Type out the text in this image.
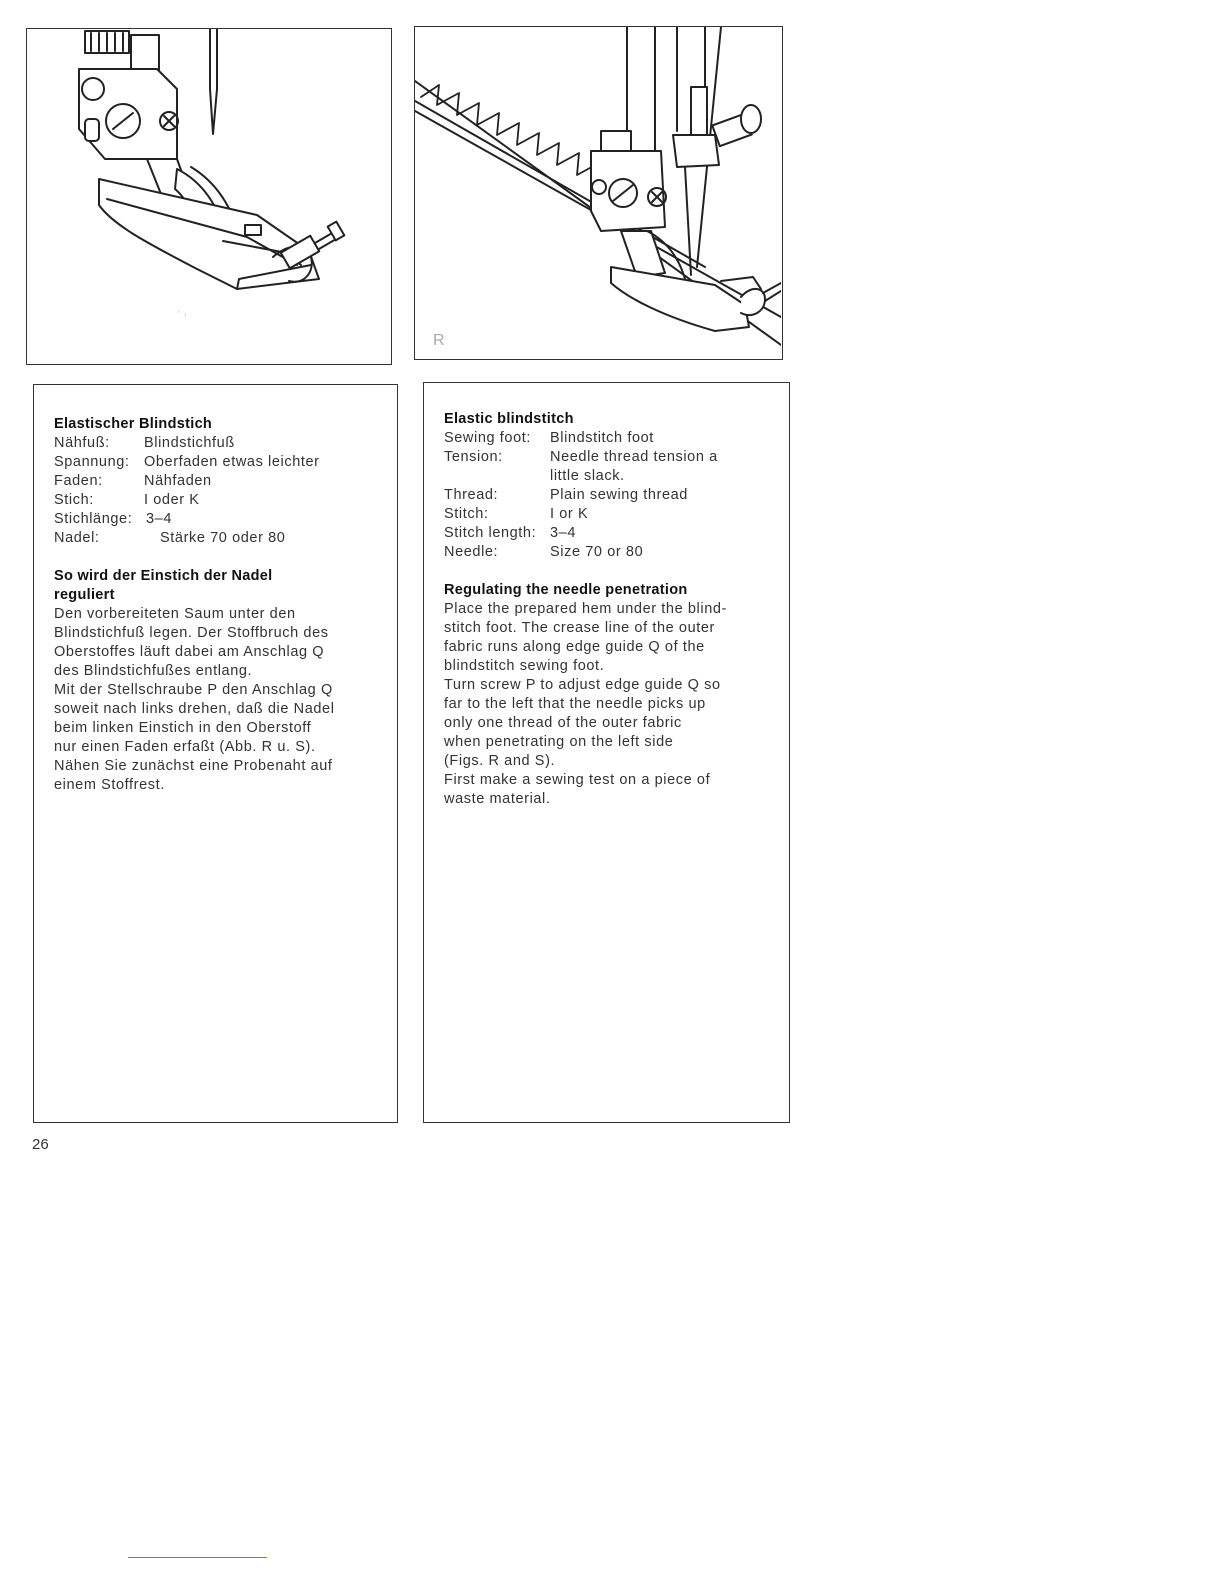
· ,
R
Elastischer Blindstich
Nähfuß:	Blindstichfuß
Spannung: Oberfaden etwas leichter
Faden:	Nähfaden
Stich:	I oder K
Stichlänge: 3–4
Nadel:	Stärke 70 oder 80
So wird der Einstich der Nadel
reguliert

Den vorbereiteten Saum unter den

Blindstichfuß legen. Der Stoffbruch des

Oberstoffes läuft dabei am Anschlag Q

des Blindstichfußes entlang.

Mit der Stellschraube P den Anschlag Q

soweit nach links drehen, daß die Nadel

beim linken Einstich in den Oberstoff

nur einen Faden erfaßt (Abb. R u. S).

Nähen Sie zunächst eine Probenaht auf

einem Stoffrest.

Elastic blindstitch
Sewing foot:	Blindstitch foot
Tension:	Needle thread tension a
little slack.
Thread:	Plain sewing thread
Stitch:	I or K
Stitch length: 3–4
Needle:	Size 70 or 80
Regulating the needle penetration

Place the prepared hem under the blind-

stitch foot. The crease line of the outer

fabric runs along edge guide Q of the

blindstitch sewing foot.

Turn screw P to adjust edge guide Q so

far to the left that the needle picks up

only one thread of the outer fabric

when penetrating on the left side

(Figs. R and S).

First make a sewing test on a piece of

waste material.

26
